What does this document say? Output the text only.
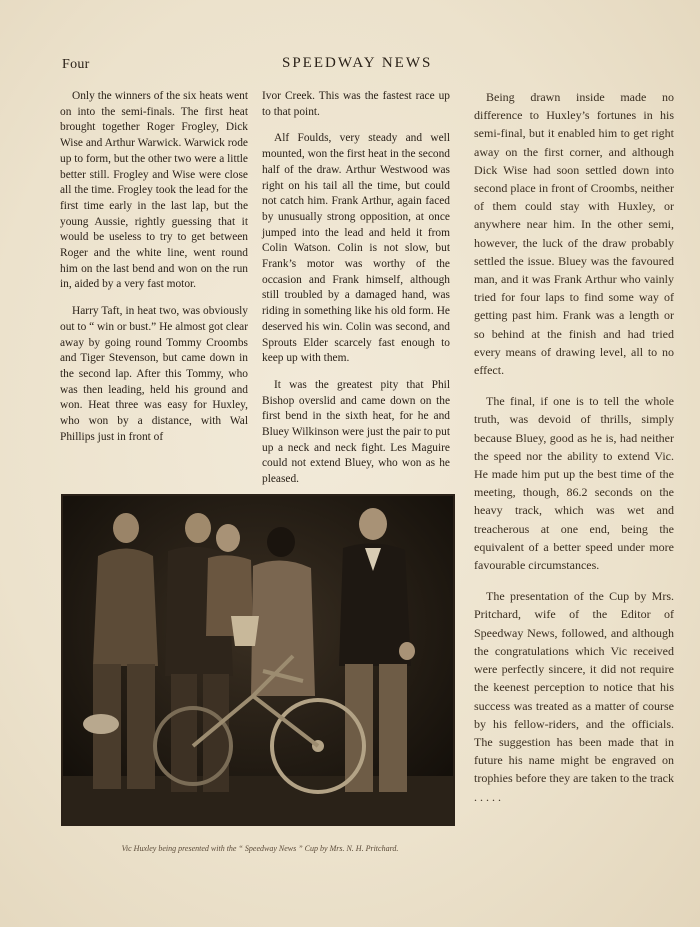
Four	SPEEDWAY NEWS

Only the winners of the six heats went on into the semi-finals. The first heat brought together Roger Frogley, Dick Wise and Arthur Warwick. Warwick rode up to form, but the other two were a little better still. Frogley and Wise were close all the time. Frogley took the lead for the first time early in the last lap, but the young Aussie, rightly guessing that it would be useless to try to get between Roger and the white line, went round him on the last bend and won on the run in, aided by a very fast motor.

Harry Taft, in heat two, was obviously out to “ win or bust.” He almost got clear away by going round Tommy Croombs and Tiger Stevenson, but came down in the second lap. After this Tommy, who was then leading, held his ground and won. Heat three was easy for Huxley, who won by a distance, with Wal Phillips just in front of

Ivor Creek. This was the fastest race up to that point.

Alf Foulds, very steady and well mounted, won the first heat in the second half of the draw. Arthur Westwood was right on his tail all the time, but could not catch him. Frank Arthur, again faced by unusually strong opposition, at once jumped into the lead and held it from Colin Watson. Colin is not slow, but Frank’s motor was worthy of the occasion and Frank himself, although still troubled by a damaged hand, was riding in something like his old form. He deserved his win. Colin was second, and Sprouts Elder scarcely fast enough to keep up with them.

It was the greatest pity that Phil Bishop overslid and came down on the first bend in the sixth heat, for he and Bluey Wilkinson were just the pair to put up a neck and neck fight. Les Maguire could not extend Bluey, who won as he pleased.

Being drawn inside made no difference to Huxley’s fortunes in his semi-final, but it enabled him to get right away on the first corner, and although Dick Wise had soon settled down into second place in front of Croombs, neither of them could stay with Huxley, or anywhere near him. In the other semi, however, the luck of the draw probably settled the issue. Bluey was the favoured man, and it was Frank Arthur who vainly tried for four laps to find some way of getting past him. Frank was a length or so behind at the finish and had tried every means of drawing level, all to no effect.

The final, if one is to tell the whole truth, was devoid of thrills, simply because Bluey, good as he is, had neither the speed nor the ability to extend Vic. He made him put up the best time of the meeting, though, 86.2 seconds on the heavy track, which was wet and treacherous at one end, being the equivalent of a better speed under more favourable circumstances.

The presentation of the Cup by Mrs. Pritchard, wife of the Editor of Speedway News, followed, and although the congratulations which Vic received were perfectly sincere, it did not require the keenest perception to notice that his success was treated as a matter of course by his fellow-riders, and the officials. The suggestion has been made that in future his name might be engraved on trophies before they are taken to the track . . . . .

Vic Huxley being presented with the “ Speedway News ” Cup by Mrs. N. H. Pritchard.
